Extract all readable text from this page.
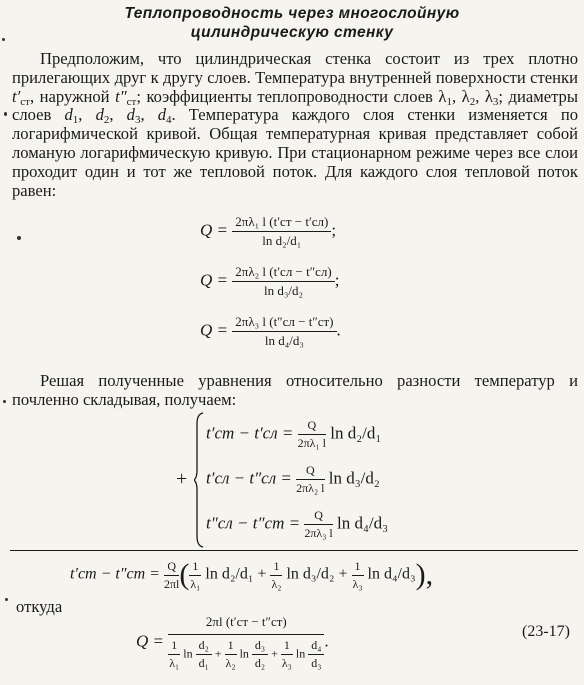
Теплопроводность через многослойную
цилиндрическую стенку

Предположим, что цилиндрическая стенка состоит из трех плотно прилегающих друг к другу слоев. Температура внутренней поверхности стенки $t'_{ст}$, наружной $t''_{ст}$; коэффициенты теплопроводности слоев $\lambda_1$, $\lambda_2$, $\lambda_3$; диаметры слоев $d_1$, $d_2$, $d_3$, $d_4$. Температура каждого слоя стенки изменяется по логарифмической кривой. Общая температурная кривая представляет собой ломаную логарифмическую кривую. При стационарном режиме через все слои проходит один и тот же тепловой поток. Для каждого слоя тепловой поток равен:

$Q = \frac{\text{2πλ₁ l (t′ст − t′сл)}}{\text{ln d₂/d₁}}$ ;
$Q = \frac{\text{2πλ₂ l (t′сл − t″сл)}}{\text{ln d₃/d₂}}$ ;
$Q = \frac{\text{2πλ₃ l (t″сл − t″ст)}}{\text{ln d₄/d₃}}$ .

Решая полученные уравнения относительно разности температур и почленно складывая, получаем:

+
$t'ст - t'сл = \frac{Q}{\text{2πλ₁ l}}$ ln d₂/d₁
$t'сл - t''сл = \frac{Q}{\text{2πλ₂ l}}$ ln d₃/d₂
$t''сл - t''ст = \frac{Q}{\text{2πλ₃ l}}$ ln d₄/d₃
$t'ст - t''ст = \frac{Q}{2\pi l}$ ( $\frac{1}{\text{λ₁}}$ $\ln d_2/d_1 + \frac{1}{\text{λ₂}}$ $\ln d_3/d_2 + \frac{1}{\text{λ₃}}$ ln d₄/d₃),

откуда

Q =
2πl (t′ст − t″ст)
$\frac{1}{\text{λ₁}}$ $\ln \frac{\text{d₂}}{\text{d₁}} + \frac{1}{\text{λ₂}}$ $\ln \frac{\text{d₃}}{\text{d₂}} + \frac{1}{\text{λ₃}}$ $\ln \frac{\text{d₄}}{\text{d₃}}$ .	(23-17)
